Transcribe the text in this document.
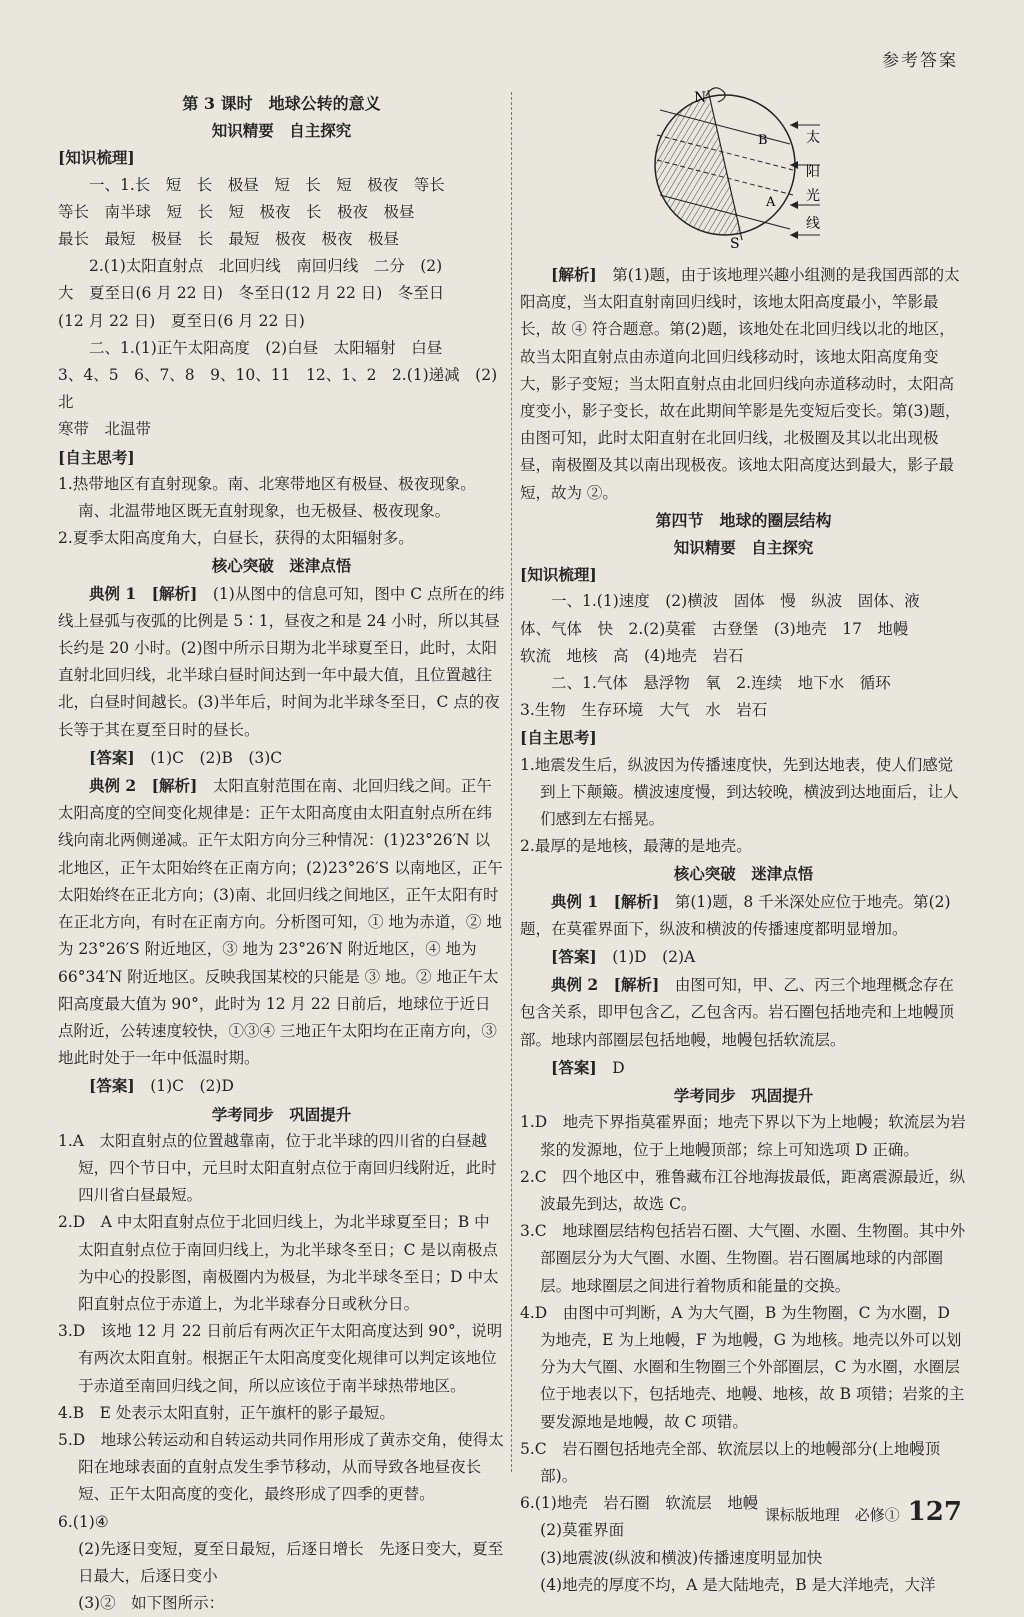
参考答案

第 3 课时　地球公转的意义

知识精要　自主探究

[知识梳理]

一、1.长　短　长　极昼　短　长　短　极夜　等长

等长　南半球　短　长　短　极夜　长　极夜　极昼

最长　最短　极昼　长　最短　极夜　极夜　极昼

2.(1)太阳直射点　北回归线　南回归线　二分　(2)

大　夏至日(6 月 22 日)　冬至日(12 月 22 日)　冬至日

(12 月 22 日)　夏至日(6 月 22 日)

二、1.(1)正午太阳高度　(2)白昼　太阳辐射　白昼

3、4、5　6、7、8　9、10、11　12、1、2　2.(1)递减　(2)北

寒带　北温带

[自主思考]

1.热带地区有直射现象。南、北寒带地区有极昼、极夜现象。南、北温带地区既无直射现象，也无极昼、极夜现象。

2.夏季太阳高度角大，白昼长，获得的太阳辐射多。

核心突破　迷津点悟

典例 1　[解析]　 (1)从图中的信息可知，图中 C 点所在的纬线上昼弧与夜弧的比例是 5∶1，昼夜之和是 24 小时，所以其昼长约是 20 小时。(2)图中所示日期为北半球夏至日，此时，太阳直射北回归线，北半球白昼时间达到一年中最大值，且位置越往北，白昼时间越长。(3)半年后，时间为北半球冬至日，C 点的夜长等于其在夏至日时的昼长。

[答案]　 (1)C　(2)B　(3)C

典例 2　[解析]　 太阳直射范围在南、北回归线之间。正午太阳高度的空间变化规律是：正午太阳高度由太阳直射点所在纬线向南北两侧递减。正午太阳方向分三种情况：(1)23°26′N 以北地区，正午太阳始终在正南方向；(2)23°26′S 以南地区，正午太阳始终在正北方向；(3)南、北回归线之间地区，正午太阳有时在正北方向，有时在正南方向。分析图可知，① 地为赤道，② 地为 23°26′S 附近地区，③ 地为 23°26′N 附近地区，④ 地为 66°34′N 附近地区。反映我国某校的只能是 ③ 地。② 地正午太阳高度最大值为 90°，此时为 12 月 22 日前后，地球位于近日点附近，公转速度较快，①③④ 三地正午太阳均在正南方向，③ 地此时处于一年中低温时期。

[答案]　 (1)C　(2)D

学考同步　巩固提升

1.A　太阳直射点的位置越靠南，位于北半球的四川省的白昼越短，四个节日中，元旦时太阳直射点位于南回归线附近，此时四川省白昼最短。

2.D　A 中太阳直射点位于北回归线上，为北半球夏至日；B 中太阳直射点位于南回归线上，为北半球冬至日；C 是以南极点为中心的投影图，南极圈内为极昼，为北半球冬至日；D 中太阳直射点位于赤道上，为北半球春分日或秋分日。

3.D　该地 12 月 22 日前后有两次正午太阳高度达到 90°，说明有两次太阳直射。根据正午太阳高度变化规律可以判定该地位于赤道至南回归线之间，所以应该位于南半球热带地区。

4.B　E 处表示太阳直射，正午旗杆的影子最短。

5.D　地球公转运动和自转运动共同作用形成了黄赤交角，使得太阳在地球表面的直射点发生季节移动，从而导致各地昼夜长短、正午太阳高度的变化，最终形成了四季的更替。

6.(1)④

(2)先逐日变短，夏至日最短，后逐日增长　先逐日变大，夏至日最大，后逐日变小

(3)②　如下图所示：

N
S
B
A
太
阳
光
线

[解析]　 第(1)题，由于该地理兴趣小组测的是我国西部的太阳高度，当太阳直射南回归线时，该地太阳高度最小，竿影最长，故 ④ 符合题意。第(2)题，该地处在北回归线以北的地区，故当太阳直射点由赤道向北回归线移动时，该地太阳高度角变大，影子变短；当太阳直射点由北回归线向赤道移动时，太阳高度变小，影子变长，故在此期间竿影是先变短后变长。第(3)题，由图可知，此时太阳直射在北回归线，北极圈及其以北出现极昼，南极圈及其以南出现极夜。该地太阳高度达到最大，影子最短，故为 ②。

第四节　地球的圈层结构

知识精要　自主探究

[知识梳理]

一、1.(1)速度　(2)横波　固体　慢　纵波　固体、液

体、气体　快　2.(2)莫霍　古登堡　(3)地壳　17　地幔

软流　地核　高　(4)地壳　岩石

二、1.气体　悬浮物　氧　2.连续　地下水　循环

3.生物　生存环境　大气　水　岩石

[自主思考]

1.地震发生后，纵波因为传播速度快，先到达地表，使人们感觉到上下颠簸。横波速度慢，到达较晚，横波到达地面后，让人们感到左右摇晃。

2.最厚的是地核，最薄的是地壳。

核心突破　迷津点悟

典例 1　[解析]　 第(1)题，8 千米深处应位于地壳。第(2)题，在莫霍界面下，纵波和横波的传播速度都明显增加。

[答案]　 (1)D　(2)A

典例 2　[解析]　 由图可知，甲、乙、丙三个地理概念存在包含关系，即甲包含乙，乙包含丙。岩石圈包括地壳和上地幔顶部。地球内部圈层包括地幔，地幔包括软流层。

[答案]　 D

学考同步　巩固提升

1.D　地壳下界指莫霍界面；地壳下界以下为上地幔；软流层为岩浆的发源地，位于上地幔顶部；综上可知选项 D 正确。

2.C　四个地区中，雅鲁藏布江谷地海拔最低，距离震源最近，纵波最先到达，故选 C。

3.C　地球圈层结构包括岩石圈、大气圈、水圈、生物圈。其中外部圈层分为大气圈、水圈、生物圈。岩石圈属地球的内部圈层。地球圈层之间进行着物质和能量的交换。

4.D　由图中可判断，A 为大气圈，B 为生物圈，C 为水圈，D 为地壳，E 为上地幔，F 为地幔，G 为地核。地壳以外可以划分为大气圈、水圈和生物圈三个外部圈层，C 为水圈，水圈层位于地表以下，包括地壳、地幔、地核，故 B 项错；岩浆的主要发源地是地幔，故 C 项错。

5.C　岩石圈包括地壳全部、软流层以上的地幔部分(上地幔顶部)。

6.(1)地壳　岩石圈　软流层　地幔

(2)莫霍界面

(3)地震波(纵波和横波)传播速度明显加快

(4)地壳的厚度不均，A 是大陆地壳，B 是大洋地壳，大洋

课标版地理　必修① 127
